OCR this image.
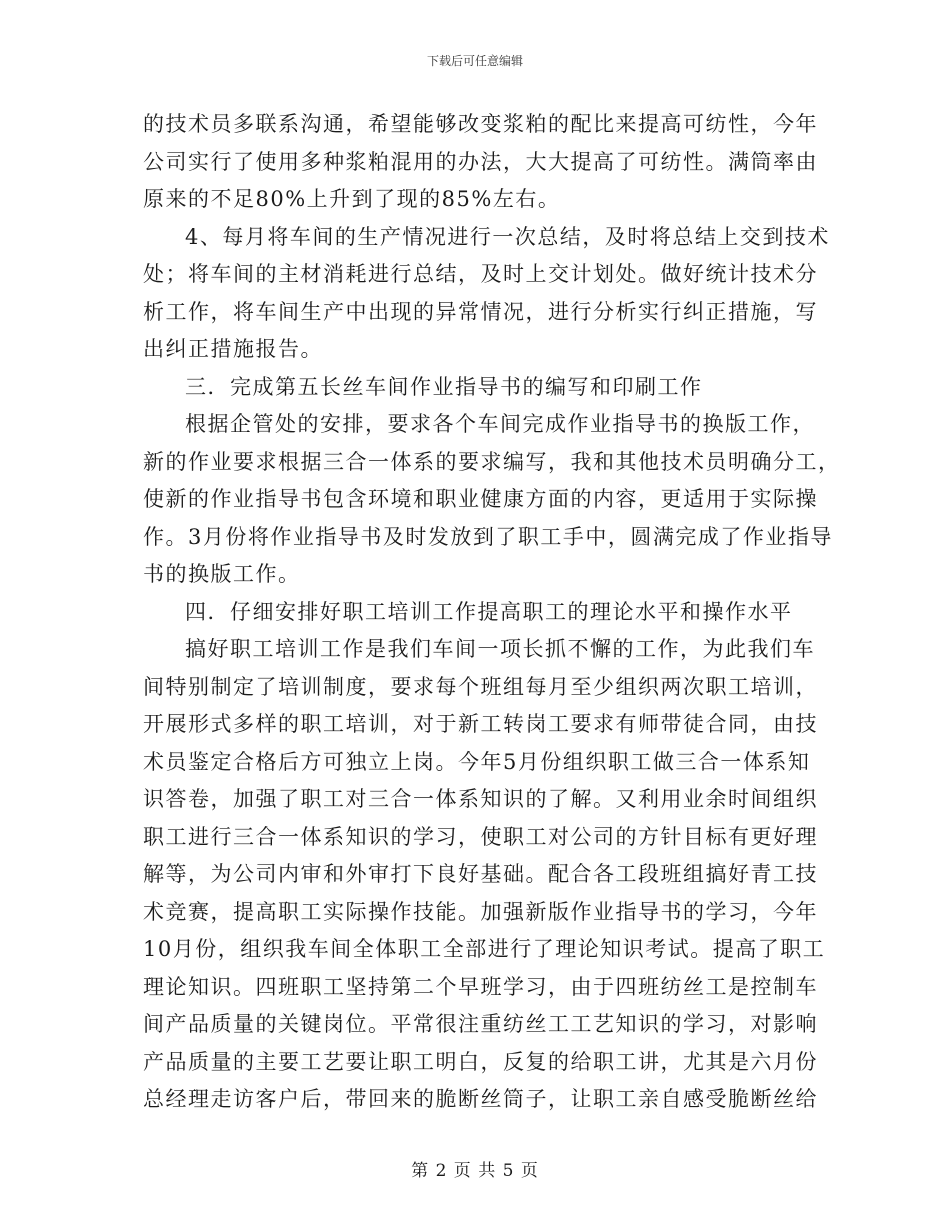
下载后可任意编辑
的技术员多联系沟通，希望能够改变浆粕的配比来提高可纺性，今年
公司实行了使用多种浆粕混用的办法，大大提高了可纺性。满筒率由
原来的不足80%上升到了现的85%左右。
4、每月将车间的生产情况进行一次总结，及时将总结上交到技术
处；将车间的主材消耗进行总结，及时上交计划处。做好统计技术分
析工作，将车间生产中出现的异常情况，进行分析实行纠正措施，写
出纠正措施报告。
三．完成第五长丝车间作业指导书的编写和印刷工作
根据企管处的安排，要求各个车间完成作业指导书的换版工作，
新的作业要求根据三合一体系的要求编写，我和其他技术员明确分工，
使新的作业指导书包含环境和职业健康方面的内容，更适用于实际操
作。3月份将作业指导书及时发放到了职工手中，圆满完成了作业指导
书的换版工作。
四．仔细安排好职工培训工作提高职工的理论水平和操作水平
搞好职工培训工作是我们车间一项长抓不懈的工作，为此我们车
间特别制定了培训制度，要求每个班组每月至少组织两次职工培训，
开展形式多样的职工培训，对于新工转岗工要求有师带徒合同，由技
术员鉴定合格后方可独立上岗。今年5月份组织职工做三合一体系知
识答卷，加强了职工对三合一体系知识的了解。又利用业余时间组织
职工进行三合一体系知识的学习，使职工对公司的方针目标有更好理
解等，为公司内审和外审打下良好基础。配合各工段班组搞好青工技
术竞赛，提高职工实际操作技能。加强新版作业指导书的学习，今年
10月份，组织我车间全体职工全部进行了理论知识考试。提高了职工
理论知识。四班职工坚持第二个早班学习，由于四班纺丝工是控制车
间产品质量的关键岗位。平常很注重纺丝工工艺知识的学习，对影响
产品质量的主要工艺要让职工明白，反复的给职工讲，尤其是六月份
总经理走访客户后，带回来的脆断丝筒子，让职工亲自感受脆断丝给
第 2 页 共 5 页
